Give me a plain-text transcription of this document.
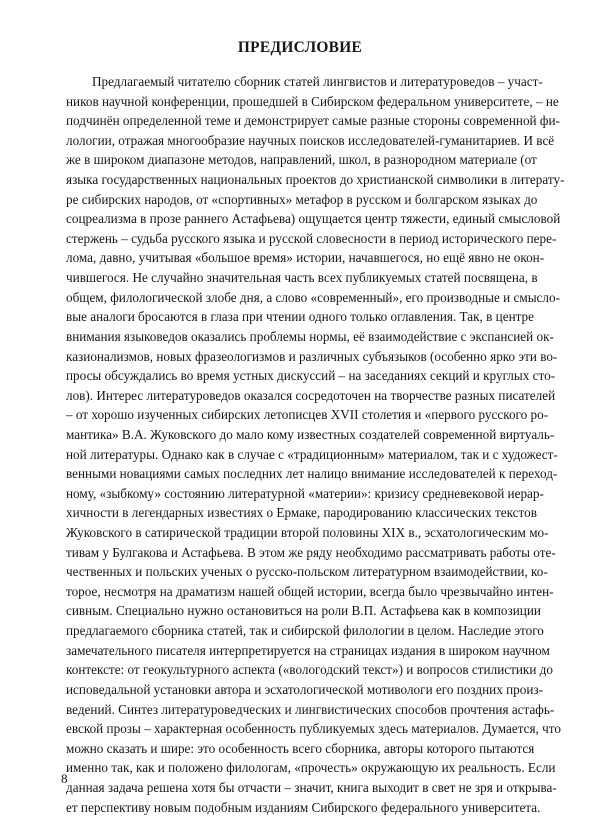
ПРЕДИСЛОВИЕ
Предлагаемый читателю сборник статей лингвистов и литературоведов – участ-
ников научной конференции, прошедшей в Сибирском федеральном университете, – не
подчинён определенной теме и демонстрирует самые разные стороны современной фи-
лологии, отражая многообразие научных поисков исследователей-гуманитариев. И всё
же в широком диапазоне методов, направлений, школ, в разнородном материале (от
языка государственных национальных проектов до христианской символики в литерату-
ре сибирских народов, от «спортивных» метафор в русском и болгарском языках до
соцреализма в прозе раннего Астафьева) ощущается центр тяжести, единый смысловой
стержень – судьба русского языка и русской словесности в период исторического пере-
лома, давно, учитывая «большое время» истории, начавшегося, но ещё явно не окон-
чившегося. Не случайно значительная часть всех публикуемых статей посвящена, в
общем, филологической злобе дня, а слово «современный», его производные и смысло-
вые аналоги бросаются в глаза при чтении одного только оглавления. Так, в центре
внимания языковедов оказались проблемы нормы, её взаимодействие с экспансией ок-
казионализмов, новых фразеологизмов и различных субъязыков (особенно ярко эти во-
просы обсуждались во время устных дискуссий – на заседаниях секций и круглых сто-
лов). Интерес литературоведов оказался сосредоточен на творчестве разных писателей
– от хорошо изученных сибирских летописцев XVII столетия и «первого русского ро-
мантика» В.А. Жуковского до мало кому известных создателей современной виртуаль-
ной литературы. Однако как в случае с «традиционным» материалом, так и с художест-
венными новациями самых последних лет налицо внимание исследователей к переход-
ному, «зыбкому» состоянию литературной «материи»: кризису средневековой иерар-
хичности в легендарных известиях о Ермаке, пародированию классических текстов
Жуковского в сатирической традиции второй половины XIX в., эсхатологическим мо-
тивам у Булгакова и Астафьева. В этом же ряду необходимо рассматривать работы оте-
чественных и польских ученых о русско-польском литературном взаимодействии, ко-
торое, несмотря на драматизм нашей общей истории, всегда было чрезвычайно интен-
сивным. Специально нужно остановиться на роли В.П. Астафьева как в композиции
предлагаемого сборника статей, так и сибирской филологии в целом. Наследие этого
замечательного писателя интерпретируется на страницах издания в широком научном
контексте: от геокультурного аспекта («вологодский текст») и вопросов стилистики до
исповедальной установки автора и эсхатологической мотивологи его поздних произ-
ведений. Синтез литературоведческих и лингвистических способов прочтения астафь-
евской прозы – характерная особенность публикуемых здесь материалов. Думается, что
можно сказать и шире: это особенность всего сборника, авторы которого пытаются
именно так, как и положено филологам, «прочесть» окружающую их реальность. Если
данная задача решена хотя бы отчасти – значит, книга выходит в свет не зря и открыва-
ет перспективу новым подобным изданиям Сибирского федерального университета.

8
